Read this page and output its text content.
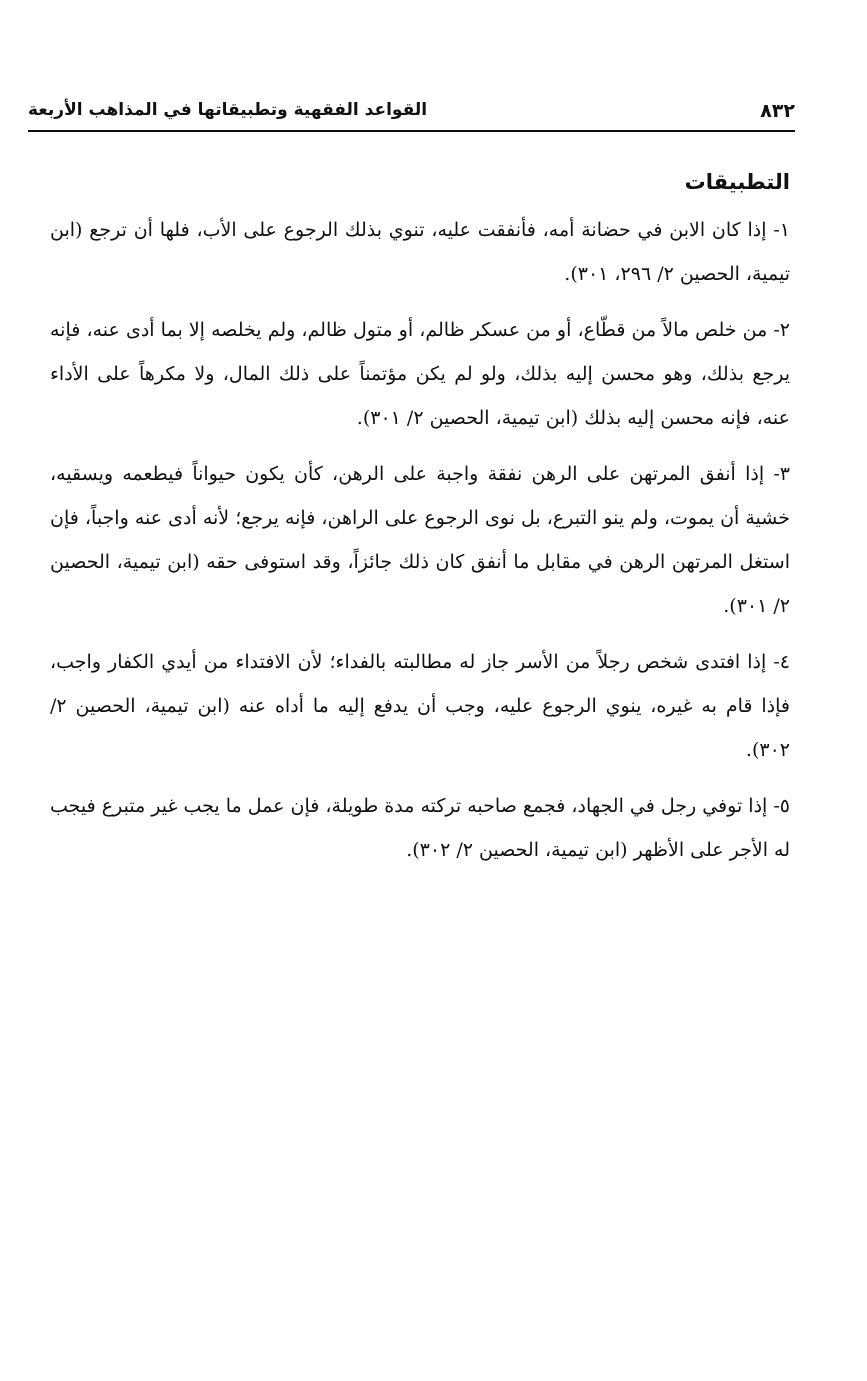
٨٣٢
القواعد الفقهية وتطبيقاتها في المذاهب الأربعة
التطبيقات

١- إذا كان الابن في حضانة أمه، فأنفقت عليه، تنوي بذلك الرجوع على الأب، فلها أن ترجع (ابن تيمية، الحصين ٢/ ٢٩٦، ٣٠١).

٢- من خلص مالاً من قطّاع، أو من عسكر ظالم، أو متول ظالم، ولم يخلصه إلا بما أدى عنه، فإنه يرجع بذلك، وهو محسن إليه بذلك، ولو لم يكن مؤتمناً على ذلك المال، ولا مكرهاً على الأداء عنه، فإنه محسن إليه بذلك (ابن تيمية، الحصين ٢/ ٣٠١).

٣- إذا أنفق المرتهن على الرهن نفقة واجبة على الرهن، كأن يكون حيواناً فيطعمه ويسقيه، خشية أن يموت، ولم ينو التبرع، بل نوى الرجوع على الراهن، فإنه يرجع؛ لأنه أدى عنه واجباً، فإن استغل المرتهن الرهن في مقابل ما أنفق كان ذلك جائزاً، وقد استوفى حقه (ابن تيمية، الحصين ٢/ ٣٠١).

٤- إذا افتدى شخص رجلاً من الأسر جاز له مطالبته بالفداء؛ لأن الافتداء من أيدي الكفار واجب، فإذا قام به غيره، ينوي الرجوع عليه، وجب أن يدفع إليه ما أداه عنه (ابن تيمية، الحصين ٢/ ٣٠٢).

٥- إذا توفي رجل في الجهاد، فجمع صاحبه تركته مدة طويلة، فإن عمل ما يجب غير متبرع فيجب له الأجر على الأظهر (ابن تيمية، الحصين ٢/ ٣٠٢).
